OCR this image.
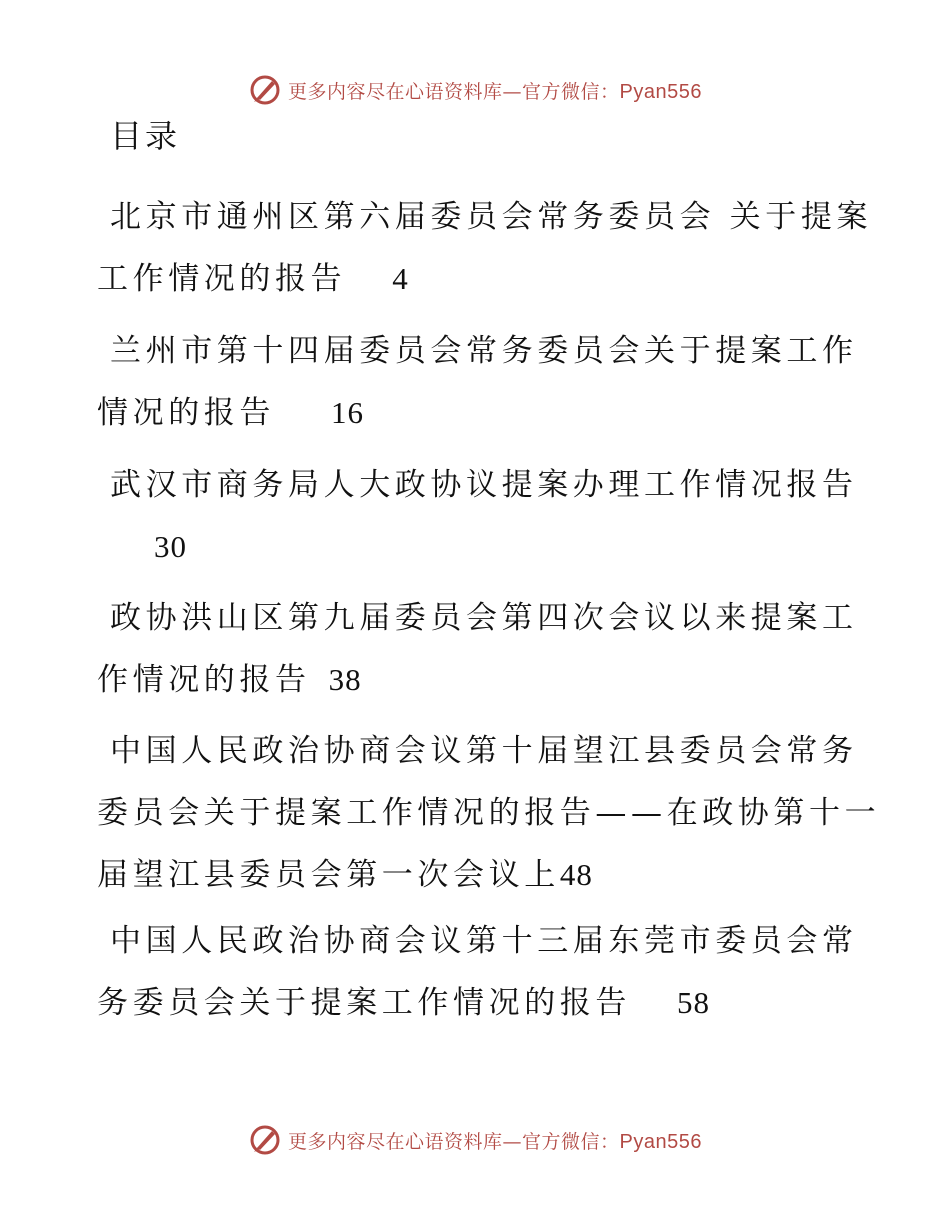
更多内容尽在心语资料库—官方微信：Pyan556
目录

北京市通州区第六届委员会常务委员会 关于提案
工作情况的报告 4

兰州市第十四届委员会常务委员会关于提案工作
情况的报告 16

武汉市商务局人大政协议提案办理工作情况报告
30

政协洪山区第九届委员会第四次会议以来提案工
作情况的报告 38

中国人民政治协商会议第十届望江县委员会常务
委员会关于提案工作情况的报告——在政协第十一
届望江县委员会第一次会议上48

中国人民政治协商会议第十三届东莞市委员会常
务委员会关于提案工作情况的报告 58

更多内容尽在心语资料库—官方微信：Pyan556
